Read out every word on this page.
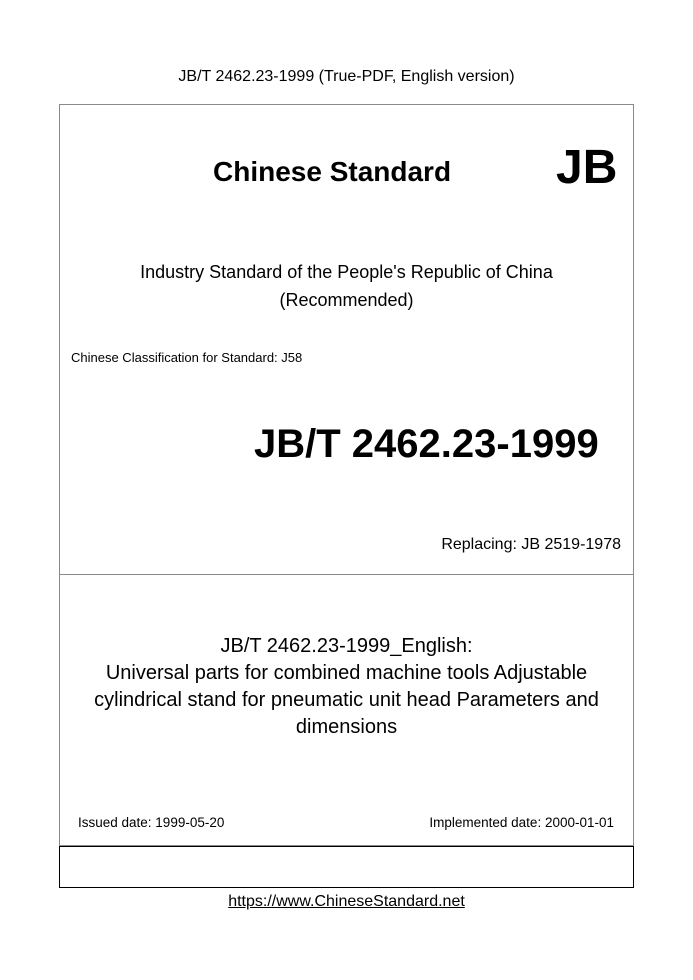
JB/T 2462.23-1999 (True-PDF, English version)
Chinese Standard JB
Industry Standard of the People's Republic of China
(Recommended)
Chinese Classification for Standard: J58
JB/T 2462.23-1999
Replacing: JB 2519-1978
JB/T 2462.23-1999_English:
Universal parts for combined machine tools Adjustable
cylindrical stand for pneumatic unit head Parameters and
dimensions
Issued date: 1999-05-20	Implemented date: 2000-01-01
https://www.ChineseStandard.net
